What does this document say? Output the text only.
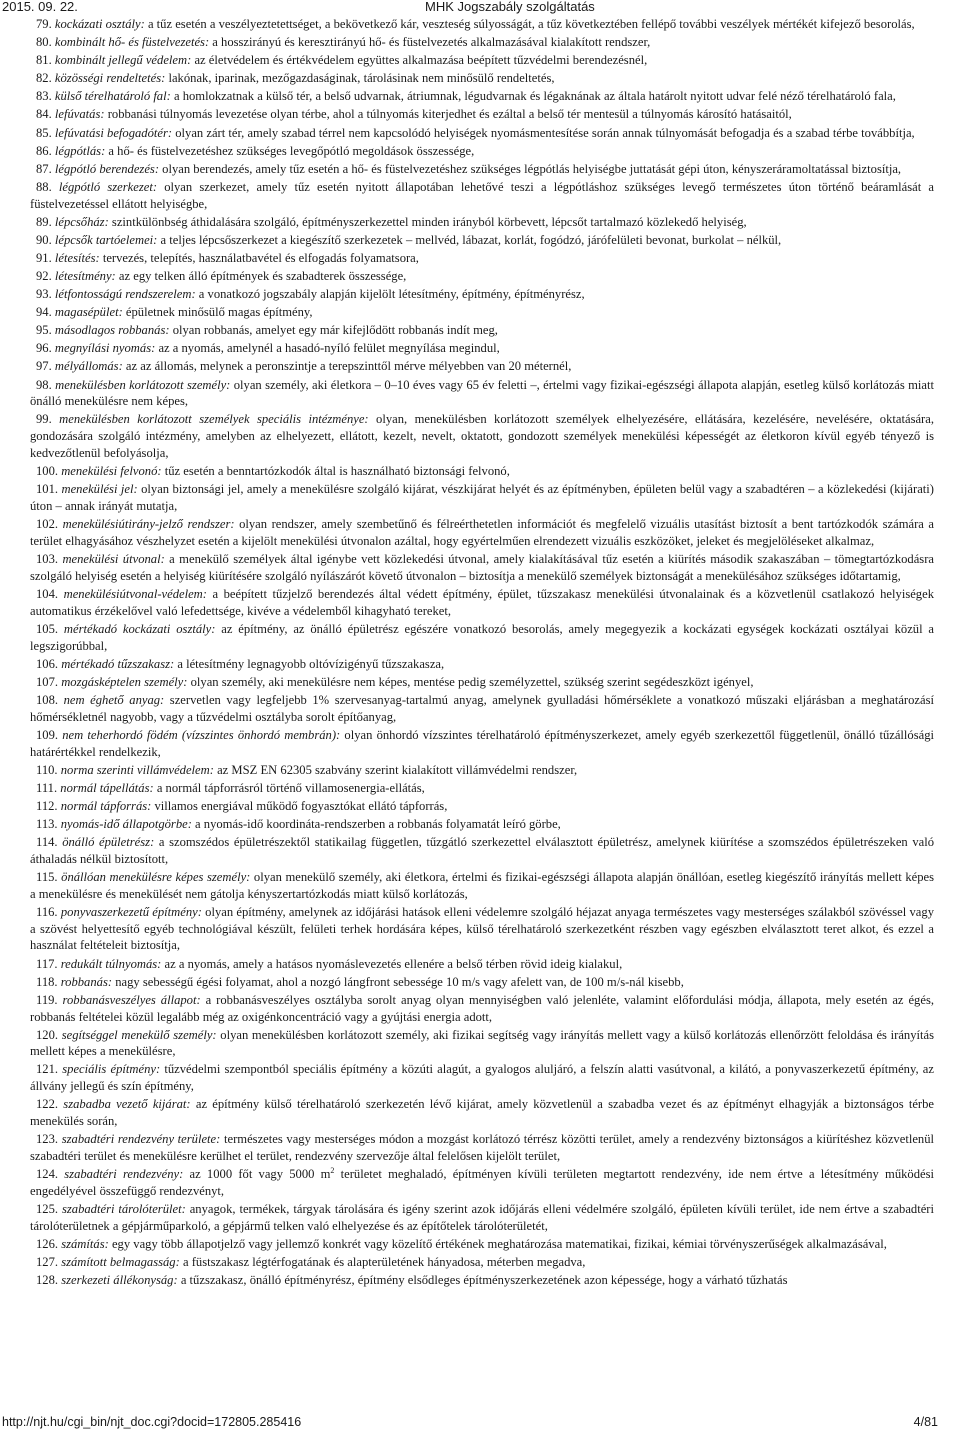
2015. 09. 22.	MHK Jogszabály szolgáltatás

79. kockázati osztály: a tűz esetén a veszélyeztetettséget, a bekövetkező kár, veszteség súlyosságát, a tűz következtében fellépő további veszélyek mértékét kifejező besorolás,

80. kombinált hő- és füstelvezetés: a hosszirányú és keresztirányú hő- és füstelvezetés alkalmazásával kialakított rendszer,

81. kombinált jellegű védelem: az életvédelem és értékvédelem együttes alkalmazása beépített tűzvédelmi berendezésnél,

82. közösségi rendeltetés: lakónak, iparinak, mezőgazdaságinak, tárolásinak nem minősülő rendeltetés,

83. külső térelhatároló fal: a homlokzatnak a külső tér, a belső udvarnak, átriumnak, légudvarnak és légaknának az általa határolt nyitott udvar felé néző térelhatároló fala,

84. lefúvatás: robbanási túlnyomás levezetése olyan térbe, ahol a túlnyomás kiterjedhet és ezáltal a belső tér mentesül a túlnyomás károsító hatásaitól,

85. lefúvatási befogadótér: olyan zárt tér, amely szabad térrel nem kapcsolódó helyiségek nyomásmentesítése során annak túlnyomását befogadja és a szabad térbe továbbítja,

86. légpótlás: a hő- és füstelvezetéshez szükséges levegőpótló megoldások összessége,

87. légpótló berendezés: olyan berendezés, amely tűz esetén a hő- és füstelvezetéshez szükséges légpótlás helyiségbe juttatását gépi úton, kényszeráramoltatással biztosítja,

88. légpótló szerkezet: olyan szerkezet, amely tűz esetén nyitott állapotában lehetővé teszi a légpótláshoz szükséges levegő természetes úton történő beáramlását a füstelvezetéssel ellátott helyiségbe,

89. lépcsőház: szintkülönbség áthidalására szolgáló, építményszerkezettel minden irányból körbevett, lépcsőt tartalmazó közlekedő helyiség,

90. lépcsők tartóelemei: a teljes lépcsőszerkezet a kiegészítő szerkezetek – mellvéd, lábazat, korlát, fogódzó, járófelületi bevonat, burkolat – nélkül,

91. létesítés: tervezés, telepítés, használatbavétel és elfogadás folyamatsora,

92. létesítmény: az egy telken álló építmények és szabadterek összessége,

93. létfontosságú rendszerelem: a vonatkozó jogszabály alapján kijelölt létesítmény, építmény, építményrész,

94. magasépület: épületnek minősülő magas építmény,

95. másodlagos robbanás: olyan robbanás, amelyet egy már kifejlődött robbanás indít meg,

96. megnyílási nyomás: az a nyomás, amelynél a hasadó-nyíló felület megnyílása megindul,

97. mélyállomás: az az állomás, melynek a peronszintje a terepszinttől mérve mélyebben van 20 méternél,

98. menekülésben korlátozott személy: olyan személy, aki életkora – 0–10 éves vagy 65 év feletti –, értelmi vagy fizikai-egészségi állapota alapján, esetleg külső korlátozás miatt önálló menekülésre nem képes,

99. menekülésben korlátozott személyek speciális intézménye: olyan, menekülésben korlátozott személyek elhelyezésére, ellátására, kezelésére, nevelésére, oktatására, gondozására szolgáló intézmény, amelyben az elhelyezett, ellátott, kezelt, nevelt, oktatott, gondozott személyek menekülési képességét az életkoron kívül egyéb tényező is kedvezőtlenül befolyásolja,

100. menekülési felvonó: tűz esetén a benntartózkodók által is használható biztonsági felvonó,

101. menekülési jel: olyan biztonsági jel, amely a menekülésre szolgáló kijárat, vészkijárat helyét és az építményben, épületen belül vagy a szabadtéren – a közlekedési (kijárati) úton – annak irányát mutatja,

102. menekülésiútirány-jelző rendszer: olyan rendszer, amely szembetűnő és félreérthetetlen információt és megfelelő vizuális utasítást biztosít a bent tartózkodók számára a terület elhagyásához vészhelyzet esetén a kijelölt menekülési útvonalon azáltal, hogy egyértelműen elrendezett vizuális eszközöket, jeleket és megjelöléseket alkalmaz,

103. menekülési útvonal: a menekülő személyek által igénybe vett közlekedési útvonal, amely kialakításával tűz esetén a kiürítés második szakaszában – tömegtartózkodásra szolgáló helyiség esetén a helyiség kiürítésére szolgáló nyílászárót követő útvonalon – biztosítja a menekülő személyek biztonságát a menekülésához szükséges időtartamig,

104. menekülésiútvonal-védelem: a beépített tűzjelző berendezés által védett építmény, épület, tűzszakasz menekülési útvonalainak és a közvetlenül csatlakozó helyiségek automatikus érzékelővel való lefedettsége, kivéve a védelemből kihagyható tereket,

105. mértékadó kockázati osztály: az építmény, az önálló épületrész egészére vonatkozó besorolás, amely megegyezik a kockázati egységek kockázati osztályai közül a legszigorúbbal,

106. mértékadó tűzszakasz: a létesítmény legnagyobb oltóvízigényű tűzszakasza,

107. mozgásképtelen személy: olyan személy, aki menekülésre nem képes, mentése pedig személyzettel, szükség szerint segédeszközt igényel,

108. nem éghető anyag: szervetlen vagy legfeljebb 1% szervesanyag-tartalmú anyag, amelynek gyulladási hőmérséklete a vonatkozó műszaki eljárásban a meghatározásí hőmérsékletnél nagyobb, vagy a tűzvédelmi osztályba sorolt építőanyag,

109. nem teherhordó födém (vízszintes önhordó membrán): olyan önhordó vízszintes térelhatároló építményszerkezet, amely egyéb szerkezettől függetlenül, önálló tűzállósági határértékkel rendelkezik,

110. norma szerinti villámvédelem: az MSZ EN 62305 szabvány szerint kialakított villámvédelmi rendszer,

111. normál tápellátás: a normál tápforrásról történő villamosenergia-ellátás,

112. normál tápforrás: villamos energiával működő fogyasztókat ellátó tápforrás,

113. nyomás-idő állapotgörbe: a nyomás-idő koordináta-rendszerben a robbanás folyamatát leíró görbe,

114. önálló épületrész: a szomszédos épületrészektől statikailag független, tűzgátló szerkezettel elválasztott épületrész, amelynek kiürítése a szomszédos épületrészeken való áthaladás nélkül biztosított,

115. önállóan menekülésre képes személy: olyan menekülő személy, aki életkora, értelmi és fizikai-egészségi állapota alapján önállóan, esetleg kiegészítő irányítás mellett képes a menekülésre és menekülését nem gátolja kényszertartózkodás miatt külső korlátozás,

116. ponyvaszerkezetű építmény: olyan építmény, amelynek az időjárási hatások elleni védelemre szolgáló héjazat anyaga természetes vagy mesterséges szálakból szövéssel vagy a szövést helyettesítő egyéb technológiával készült, felületi terhek hordására képes, külső térelhatároló szerkezetként részben vagy egészben elválasztott teret alkot, és ezzel a használat feltételeit biztosítja,

117. redukált túlnyomás: az a nyomás, amely a hatásos nyomáslevezetés ellenére a belső térben rövid ideig kialakul,

118. robbanás: nagy sebességű égési folyamat, ahol a nozgó lángfront sebessége 10 m/s vagy afelett van, de 100 m/s-nál kisebb,

119. robbanásveszélyes állapot: a robbanásveszélyes osztályba sorolt anyag olyan mennyiségben való jelenléte, valamint előfordulási módja, állapota, mely esetén az égés, robbanás feltételei közül legalább még az oxigénkoncentráció vagy a gyújtási energia adott,

120. segítséggel menekülő személy: olyan menekülésben korlátozott személy, aki fizikai segítség vagy irányítás mellett vagy a külső korlátozás ellenőrzött feloldása és irányítás mellett képes a menekülésre,

121. speciális építmény: tűzvédelmi szempontból speciális építmény a közúti alagút, a gyalogos aluljáró, a felszín alatti vasútvonal, a kilátó, a ponyvaszerkezetű építmény, az állvány jellegű és szín építmény,

122. szabadba vezető kijárat: az építmény külső térelhatároló szerkezetén lévő kijárat, amely közvetlenül a szabadba vezet és az építményt elhagyják a biztonságos térbe menekülés során,

123. szabadtéri rendezvény területe: természetes vagy mesterséges módon a mozgást korlátozó térrész közötti terület, amely a rendezvény biztonságos a kiürítéshez közvetlenül szabadtéri terület és menekülésre kerülhet el terület, rendezvény szervezője által felelősen kijelölt terület,

124. szabadtéri rendezvény: az 1000 főt vagy 5000 $m^2$ területet meghaladó, építményen kívüli területen megtartott rendezvény, ide nem értve a létesítmény működési engedélyével összefüggő rendezvényt,

125. szabadtéri tárolóterület: anyagok, termékek, tárgyak tárolására és igény szerint azok időjárás elleni védelmére szolgáló, épületen kívüli terület, ide nem értve a szabadtéri tárolóterületnek a gépjárműparkoló, a gépjármű telken való elhelyezése és az építőtelek tárolóterületét,

126. számítás: egy vagy több állapotjelző vagy jellemző konkrét vagy közelítő értékének meghatározása matematikai, fizikai, kémiai törvényszerűségek alkalmazásával,

127. számított belmagasság: a füstszakasz légtérfogatának és alapterületének hányadosa, méterben megadva,

128. szerkezeti állékonyság: a tűzszakasz, önálló építményrész, építmény elsődleges építményszerkezetének azon képessége, hogy a várható tűzhatás

http://njt.hu/cgi_bin/njt_doc.cgi?docid=172805.285416	4/81
